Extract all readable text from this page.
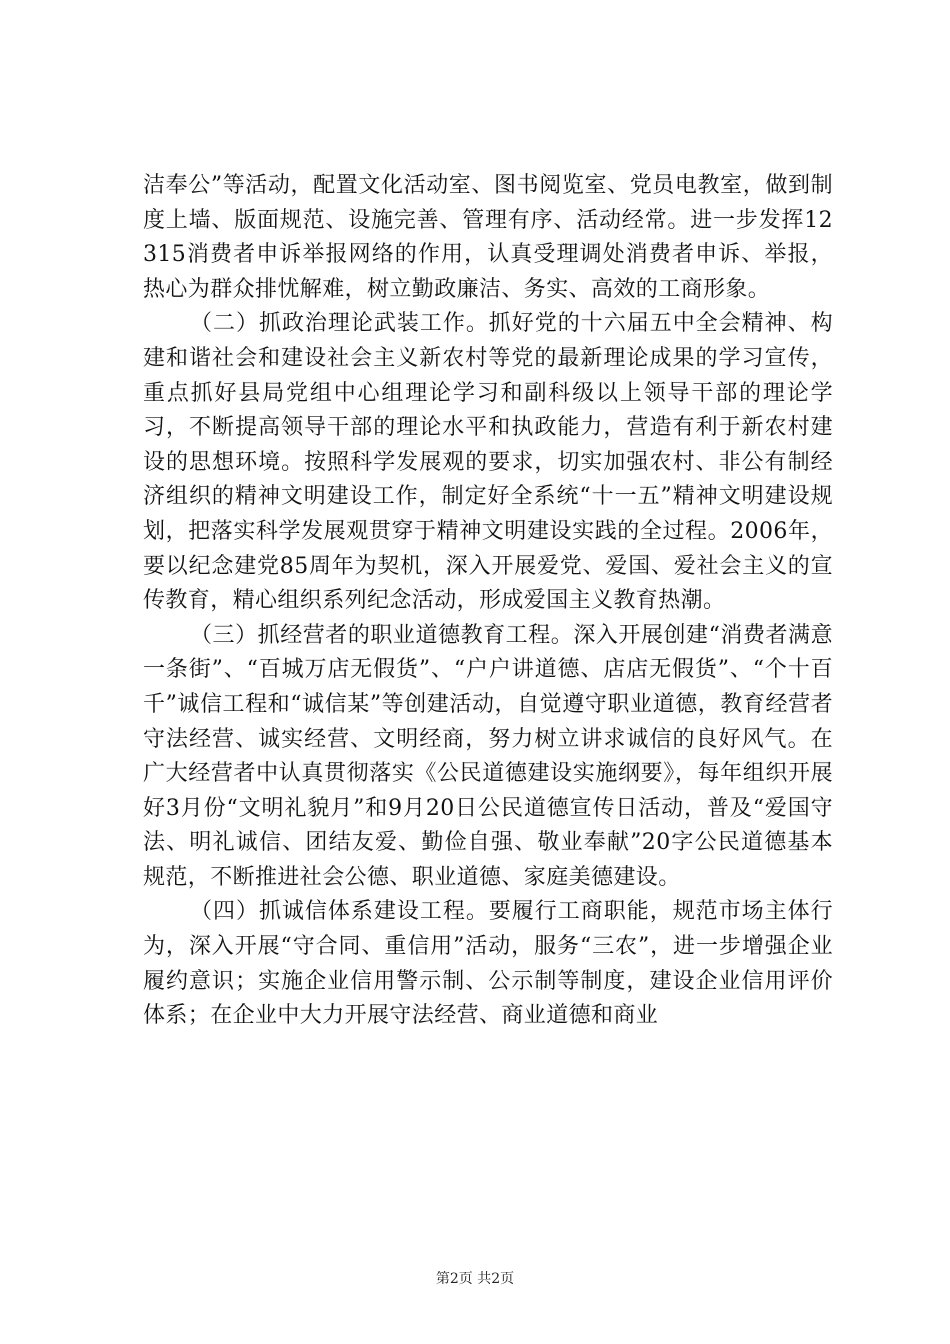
洁奉公”等活动，配置文化活动室、图书阅览室、党员电教室，做到制度上墙、版面规范、设施完善、管理有序、活动经常。进一步发挥12315消费者申诉举报网络的作用，认真受理调处消费者申诉、举报，热心为群众排忧解难，树立勤政廉洁、务实、高效的工商形象。

（二）抓政治理论武装工作。抓好党的十六届五中全会精神、构建和谐社会和建设社会主义新农村等党的最新理论成果的学习宣传，重点抓好县局党组中心组理论学习和副科级以上领导干部的理论学习，不断提高领导干部的理论水平和执政能力，营造有利于新农村建设的思想环境。按照科学发展观的要求，切实加强农村、非公有制经济组织的精神文明建设工作，制定好全系统“十一五”精神文明建设规划，把落实科学发展观贯穿于精神文明建设实践的全过程。2006年，要以纪念建党85周年为契机，深入开展爱党、爱国、爱社会主义的宣传教育，精心组织系列纪念活动，形成爱国主义教育热潮。

（三）抓经营者的职业道德教育工程。深入开展创建“消费者满意一条街”、“百城万店无假货”、“户户讲道德、店店无假货”、“个十百千”诚信工程和“诚信某”等创建活动，自觉遵守职业道德，教育经营者守法经营、诚实经营、文明经商，努力树立讲求诚信的良好风气。在广大经营者中认真贯彻落实《公民道德建设实施纲要》，每年组织开展好3月份“文明礼貌月”和9月20日公民道德宣传日活动，普及“爱国守法、明礼诚信、团结友爱、勤俭自强、敬业奉献”20字公民道德基本规范，不断推进社会公德、职业道德、家庭美德建设。

（四）抓诚信体系建设工程。要履行工商职能，规范市场主体行为，深入开展“守合同、重信用”活动，服务“三农”，进一步增强企业履约意识；实施企业信用警示制、公示制等制度，建设企业信用评价体系；在企业中大力开展守法经营、商业道德和商业

第2页 共2页
